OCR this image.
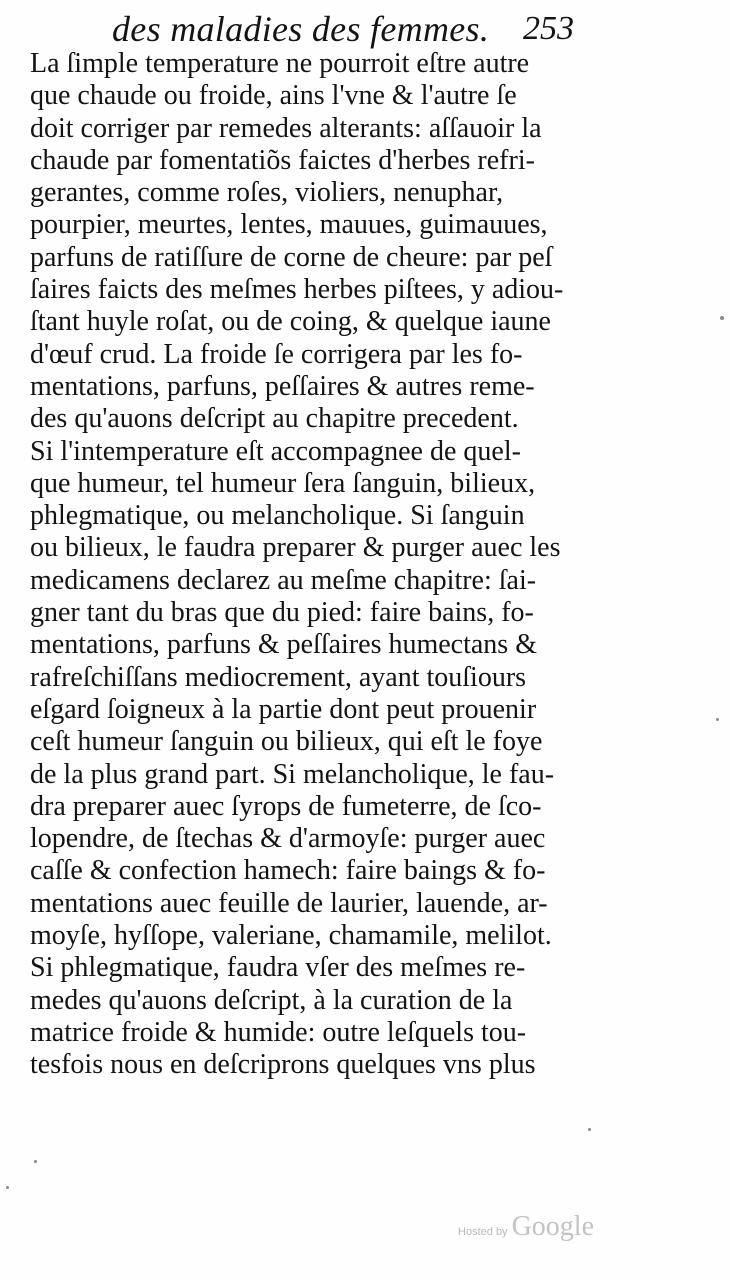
des maladies des femmes. 253
La ſimple temperature ne pourroit eſtre autre
que chaude ou froide, ains l'vne & l'autre ſe
doit corriger par remedes alterants: aſſauoir la
chaude par fomentatiõs faictes d'herbes refri-
gerantes, comme roſes, violiers, nenuphar,
pourpier, meurtes, lentes, mauues, guimauues,
parfuns de ratiſſure de corne de cheure: par peſ
ſaires faicts des meſmes herbes piſtees, y adiou-
ſtant huyle roſat, ou de coing, & quelque iaune
d'œuf crud. La froide ſe corrigera par les fo-
mentations, parfuns, peſſaires & autres reme-
des qu'auons deſcript au chapitre precedent.
Si l'intemperature eſt accompagnee de quel-
que humeur, tel humeur ſera ſanguin, bilieux,
phlegmatique, ou melancholique. Si ſanguin
ou bilieux, le faudra preparer & purger auec les
medicamens declarez au meſme chapitre: ſai-
gner tant du bras que du pied: faire bains, fo-
mentations, parfuns & peſſaires humectans &
rafreſchiſſans mediocrement, ayant touſiours
eſgard ſoigneux à la partie dont peut prouenir
ceſt humeur ſanguin ou bilieux, qui eſt le foye
de la plus grand part. Si melancholique, le fau-
dra preparer auec ſyrops de fumeterre, de ſco-
lopendre, de ſtechas & d'armoyſe: purger auec
caſſe & confection hamech: faire baings & fo-
mentations auec feuille de laurier, lauende, ar-
moyſe, hyſſope, valeriane, chamamile, melilot.
Si phlegmatique, faudra vſer des meſmes re-
medes qu'auons deſcript, à la curation de la
matrice froide & humide: outre leſquels tou-
tesfois nous en deſcriprons quelques vns plus
Hosted by Google
